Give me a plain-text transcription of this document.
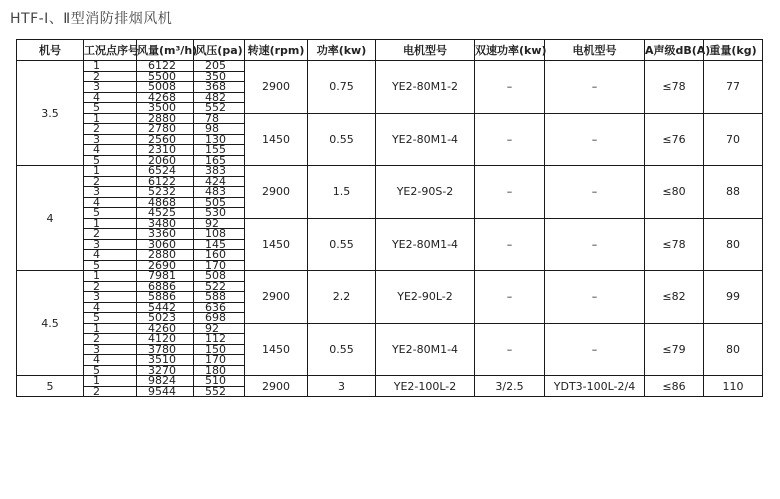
HTF-Ⅰ、Ⅱ型消防排烟风机
机号	工况点序号	风量(m³/h)	风压(pa)	转速(rpm)	功率(kw)	电机型号	双速功率(kw)	电机型号	A声级dB(A)	重量(kg)
3.5	1	6122	205	2900	0.75	YE2-80M1-2	–	–	≤78	77
	2	5500	350							
	3	5008	368							
	4	4268	482							
	5	3500	552							
	1	2880	78	1450	0.55	YE2-80M1-4	–	–	≤76	70
	2	2780	98							
	3	2560	130							
	4	2310	155							
	5	2060	165							
4	1	6524	383	2900	1.5	YE2-90S-2	–	–	≤80	88
	2	6122	424							
	3	5232	483							
	4	4868	505							
	5	4525	530							
	1	3480	92	1450	0.55	YE2-80M1-4	–	–	≤78	80
	2	3360	108							
	3	3060	145							
	4	2880	160							
	5	2690	170							
4.5	1	7981	508	2900	2.2	YE2-90L-2	–	–	≤82	99
	2	6886	522							
	3	5886	588							
	4	5442	636							
	5	5023	698							
	1	4260	92	1450	0.55	YE2-80M1-4	–	–	≤79	80
	2	4120	112							
	3	3780	150							
	4	3510	170							
	5	3270	180							
5	1	9824	510	2900	3	YE2-100L-2	3/2.5	YDT3-100L-2/4	≤86	110
	2	9544	552							
